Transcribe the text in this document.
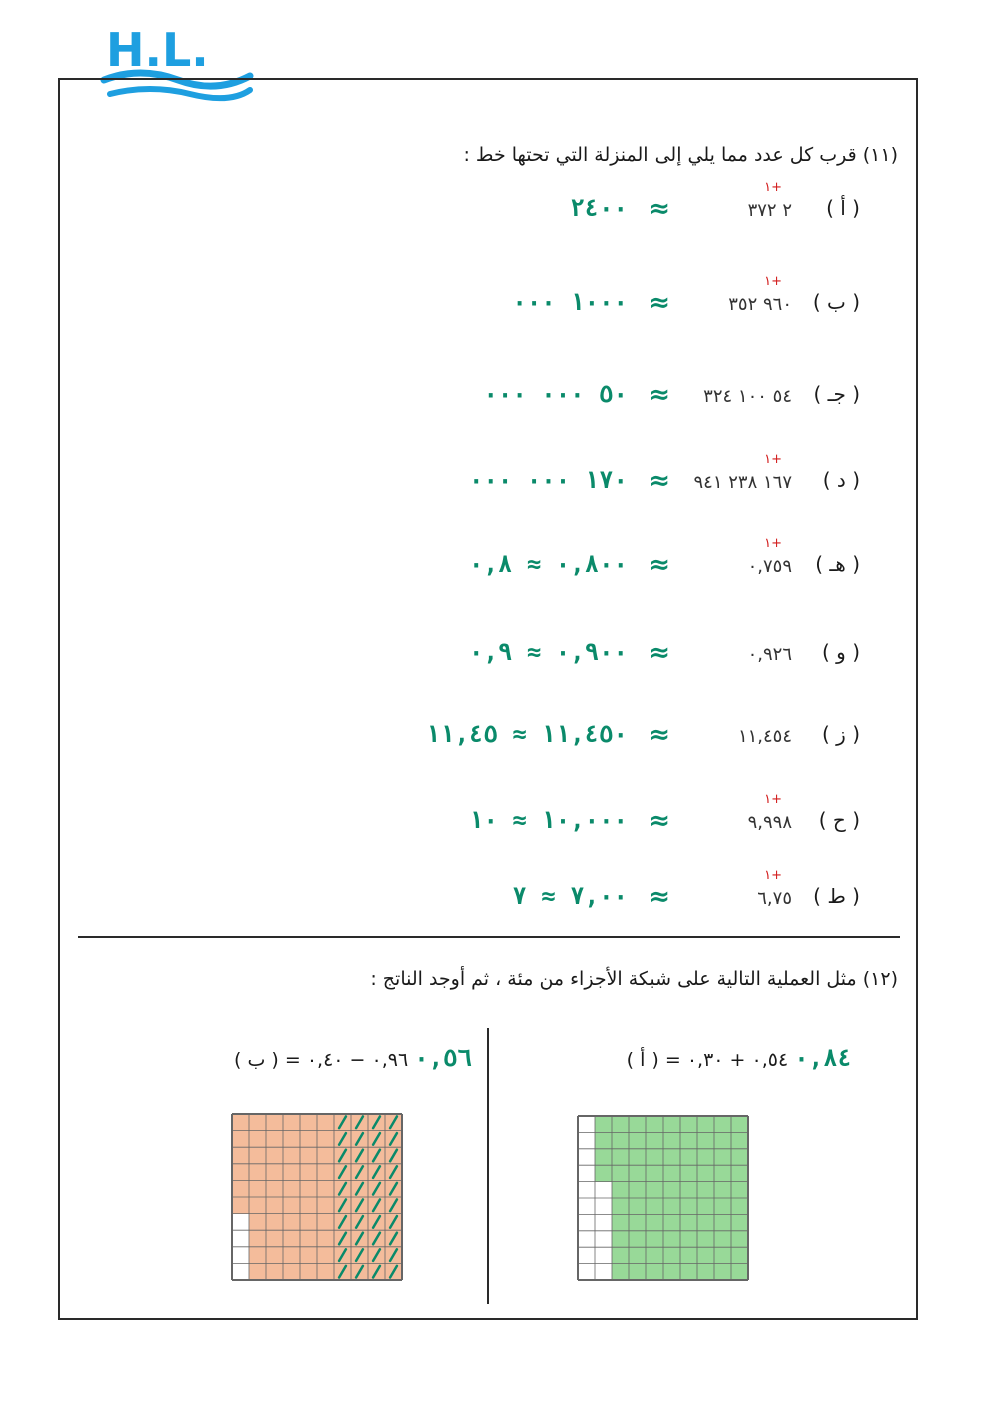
H.L.
(١١) قرب كل عدد مما يلي إلى المنزلة التي تحتها خط :
( أ )
٢ ٣٧٢
+١
≈
٢٤٠٠
( ب )
٩٦٠ ٣٥٢
+١
≈
١٠٠٠ ٠٠٠
( جـ )
٥٤ ١٠٠ ٣٢٤
≈
٥٠ ٠٠٠ ٠٠٠
( د )
١٦٧ ٢٣٨ ٩٤١
+١
≈
١٧٠ ٠٠٠ ٠٠٠
( هـ )
٠,٧٥٩
+١
≈
٠,٨٠٠ ≈ ٠,٨
( و )
٠,٩٢٦
≈
٠,٩٠٠ ≈ ٠,٩
( ز )
١١,٤٥٤
≈
١١,٤٥٠ ≈ ١١,٤٥
( ح )
٩,٩٩٨
+١
≈
١٠,٠٠٠ ≈ ١٠
( ط )
٦,٧٥
+١
≈
٧,٠٠ ≈ ٧
(١٢) مثل العملية التالية على شبكة الأجزاء من مئة ، ثم أوجد الناتج :
٠,٨٤ ٠,٥٤ + ٠,٣٠ = ( أ )
٠,٥٦ ٠,٩٦ − ٠,٤٠ = ( ب )
